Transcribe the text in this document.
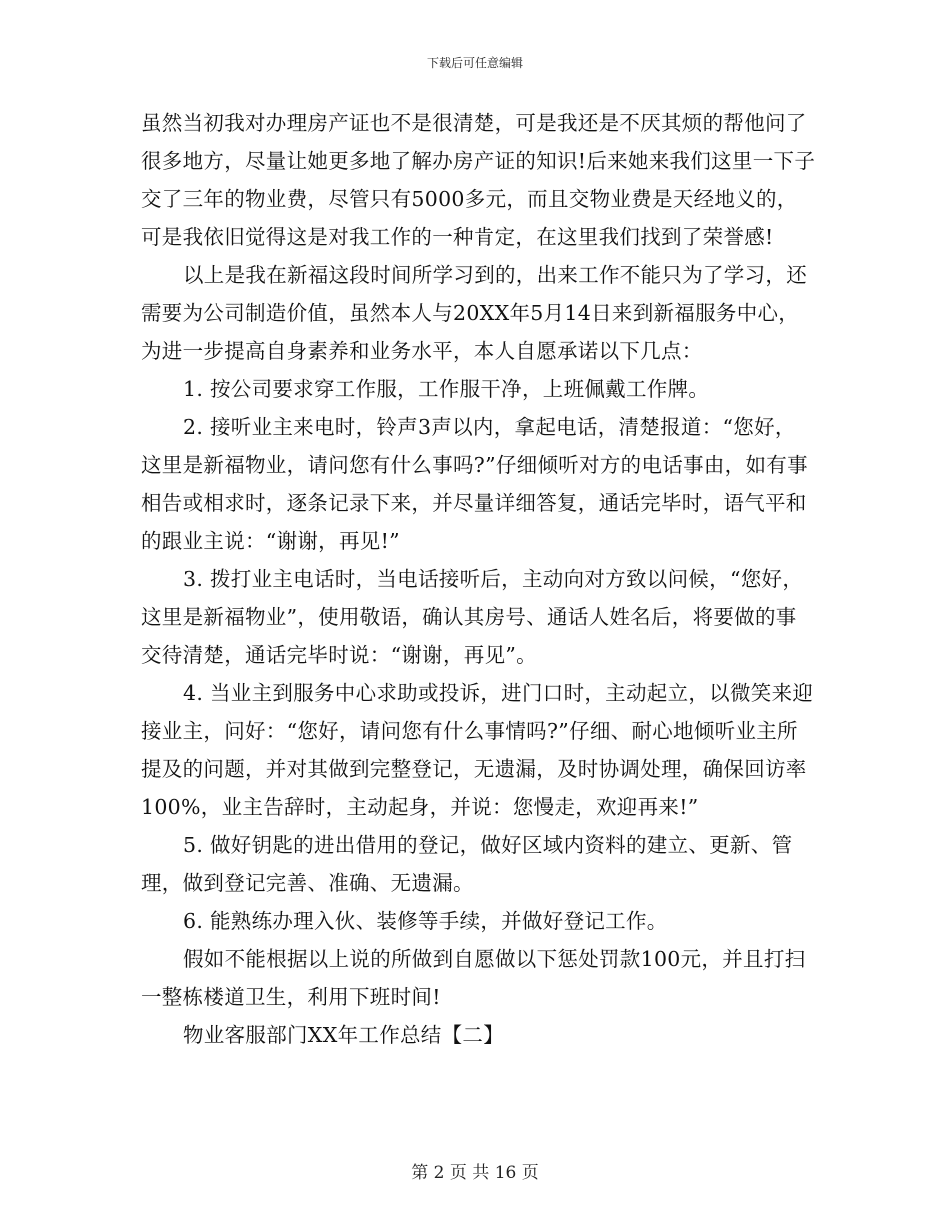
下载后可任意编辑

虽然当初我对办理房产证也不是很清楚，可是我还是不厌其烦的帮他问了很多地方，尽量让她更多地了解办房产证的知识!后来她来我们这里一下子交了三年的物业费，尽管只有5000多元，而且交物业费是天经地义的，可是我依旧觉得这是对我工作的一种肯定，在这里我们找到了荣誉感!

以上是我在新福这段时间所学习到的，出来工作不能只为了学习，还需要为公司制造价值，虽然本人与20XX年5月14日来到新福服务中心，为进一步提高自身素养和业务水平，本人自愿承诺以下几点：

1. 按公司要求穿工作服，工作服干净，上班佩戴工作牌。

2. 接听业主来电时，铃声3声以内，拿起电话，清楚报道：“您好，这里是新福物业，请问您有什么事吗?”仔细倾听对方的电话事由，如有事相告或相求时，逐条记录下来，并尽量详细答复，通话完毕时，语气平和的跟业主说：“谢谢，再见!”

3. 拨打业主电话时，当电话接听后，主动向对方致以问候，“您好，这里是新福物业”，使用敬语，确认其房号、通话人姓名后，将要做的事交待清楚，通话完毕时说：“谢谢，再见”。

4. 当业主到服务中心求助或投诉，进门口时，主动起立，以微笑来迎接业主，问好：“您好，请问您有什么事情吗?”仔细、耐心地倾听业主所提及的问题，并对其做到完整登记，无遗漏，及时协调处理，确保回访率100%，业主告辞时，主动起身，并说：您慢走，欢迎再来!”

5. 做好钥匙的进出借用的登记，做好区域内资料的建立、更新、管理，做到登记完善、准确、无遗漏。

6. 能熟练办理入伙、装修等手续，并做好登记工作。

假如不能根据以上说的所做到自愿做以下惩处罚款100元，并且打扫一整栋楼道卫生，利用下班时间!

物业客服部门XX年工作总结【二】

第 2 页 共 16 页
